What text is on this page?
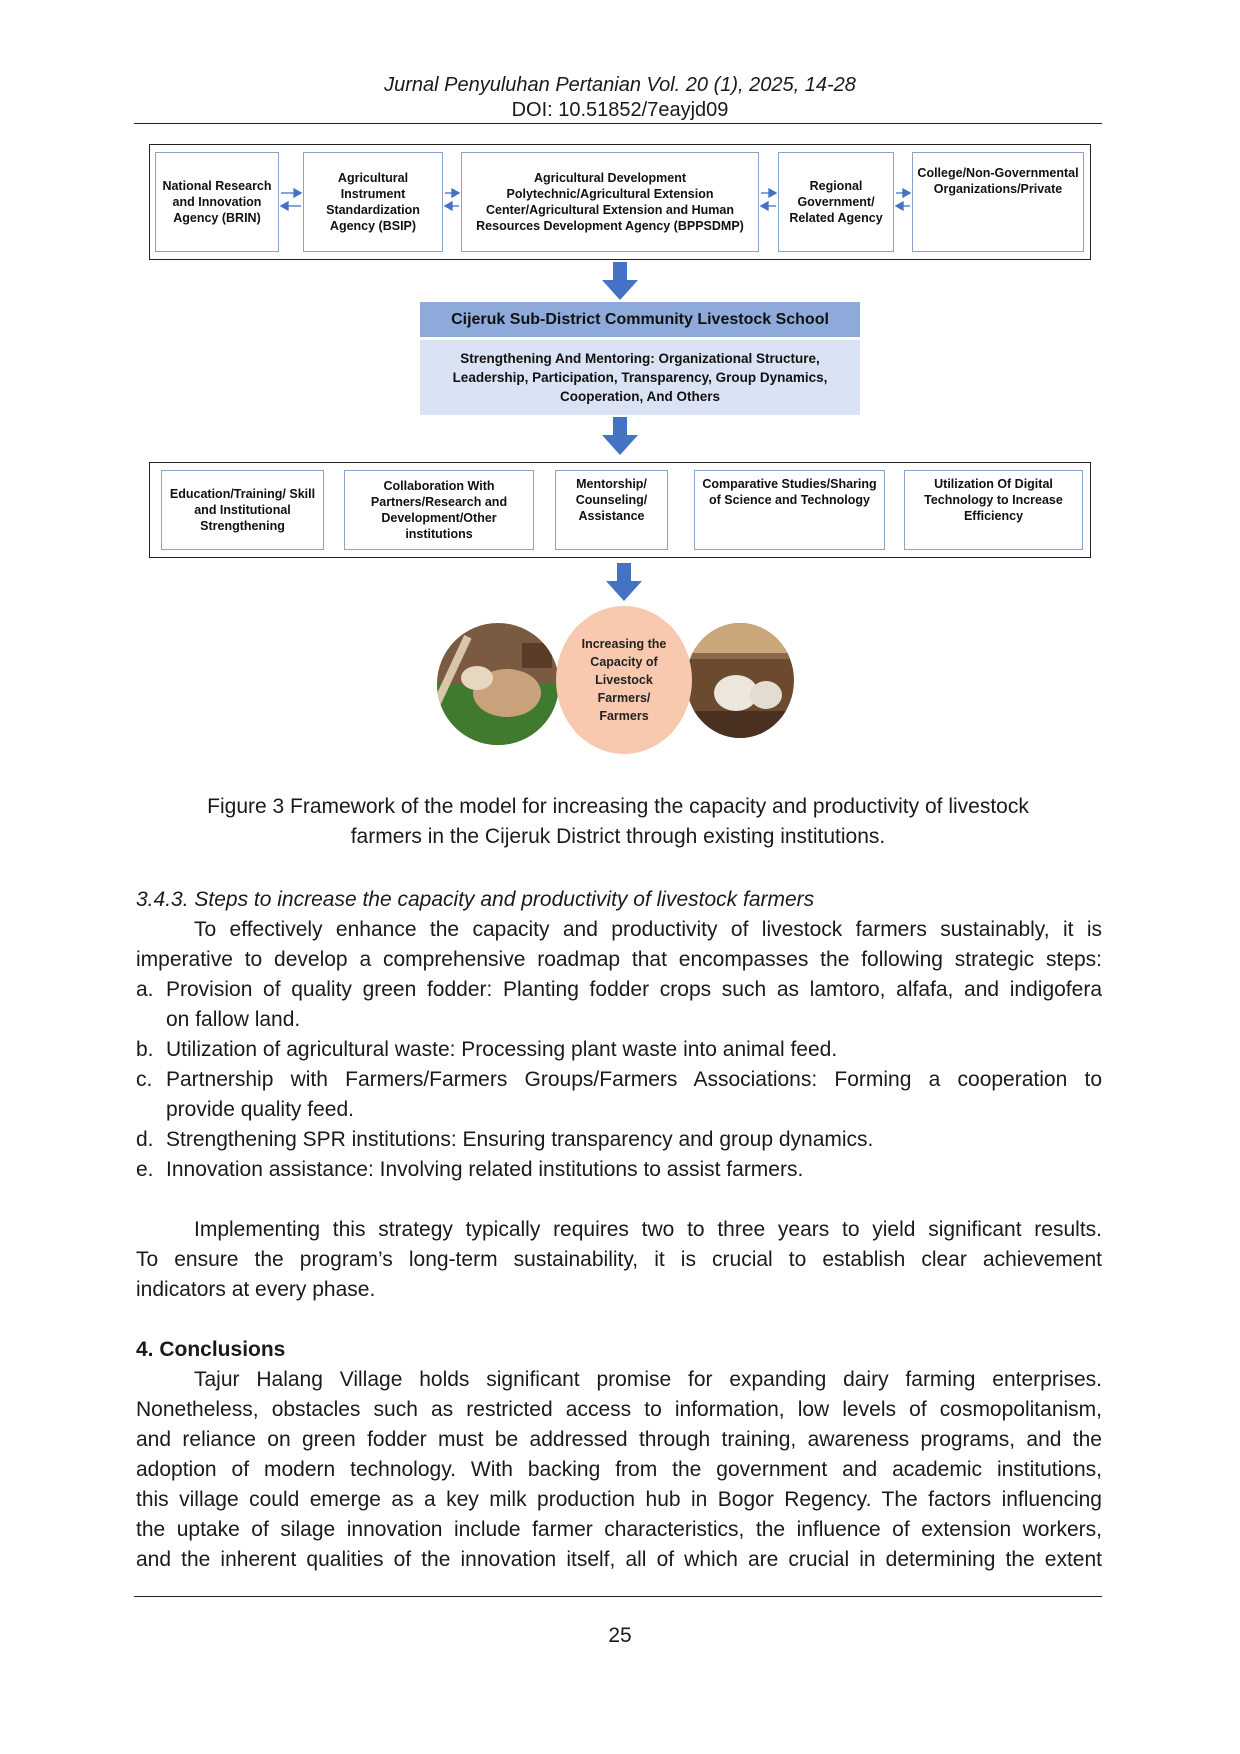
Jurnal Penyuluhan Pertanian Vol. 20 (1), 2025, 14-28
DOI: 10.51852/7eayjd09
National Research and Innovation Agency (BRIN)
Agricultural Instrument Standardization Agency (BSIP)
Agricultural Development Polytechnic/Agricultural Extension Center/Agricultural Extension and Human Resources Development Agency (BPPSDMP)
Regional Government/ Related Agency
College/Non-Governmental Organizations/Private
Cijeruk Sub-District Community Livestock School
Strengthening And Mentoring: Organizational Structure, Leadership, Participation, Transparency, Group Dynamics, Cooperation, And Others
Education/Training/ Skill and Institutional Strengthening
Collaboration With Partners/Research and Development/Other institutions
Mentorship/ Counseling/ Assistance
Comparative Studies/Sharing of Science and Technology
Utilization Of Digital Technology to Increase Efficiency
Increasing the Capacity of Livestock Farmers/ Farmers
Figure 3 Framework of the model for increasing the capacity and productivity of livestock
farmers in the Cijeruk District through existing institutions.
3.4.3. Steps to increase the capacity and productivity of livestock farmers
To effectively enhance the capacity and productivity of livestock farmers sustainably, it is
imperative to develop a comprehensive roadmap that encompasses the following strategic steps:
a. Provision of quality green fodder: Planting fodder crops such as lamtoro, alfafa, and indigofera
on fallow land.
b. Utilization of agricultural waste: Processing plant waste into animal feed.
c. Partnership with Farmers/Farmers Groups/Farmers Associations: Forming a cooperation to
provide quality feed.
d. Strengthening SPR institutions: Ensuring transparency and group dynamics.
e. Innovation assistance: Involving related institutions to assist farmers.
Implementing this strategy typically requires two to three years to yield significant results.
To ensure the program’s long-term sustainability, it is crucial to establish clear achievement
indicators at every phase.
4. Conclusions
Tajur Halang Village holds significant promise for expanding dairy farming enterprises.
Nonetheless, obstacles such as restricted access to information, low levels of cosmopolitanism,
and reliance on green fodder must be addressed through training, awareness programs, and the
adoption of modern technology. With backing from the government and academic institutions,
this village could emerge as a key milk production hub in Bogor Regency. The factors influencing
the uptake of silage innovation include farmer characteristics, the influence of extension workers,
and the inherent qualities of the innovation itself, all of which are crucial in determining the extent
25
